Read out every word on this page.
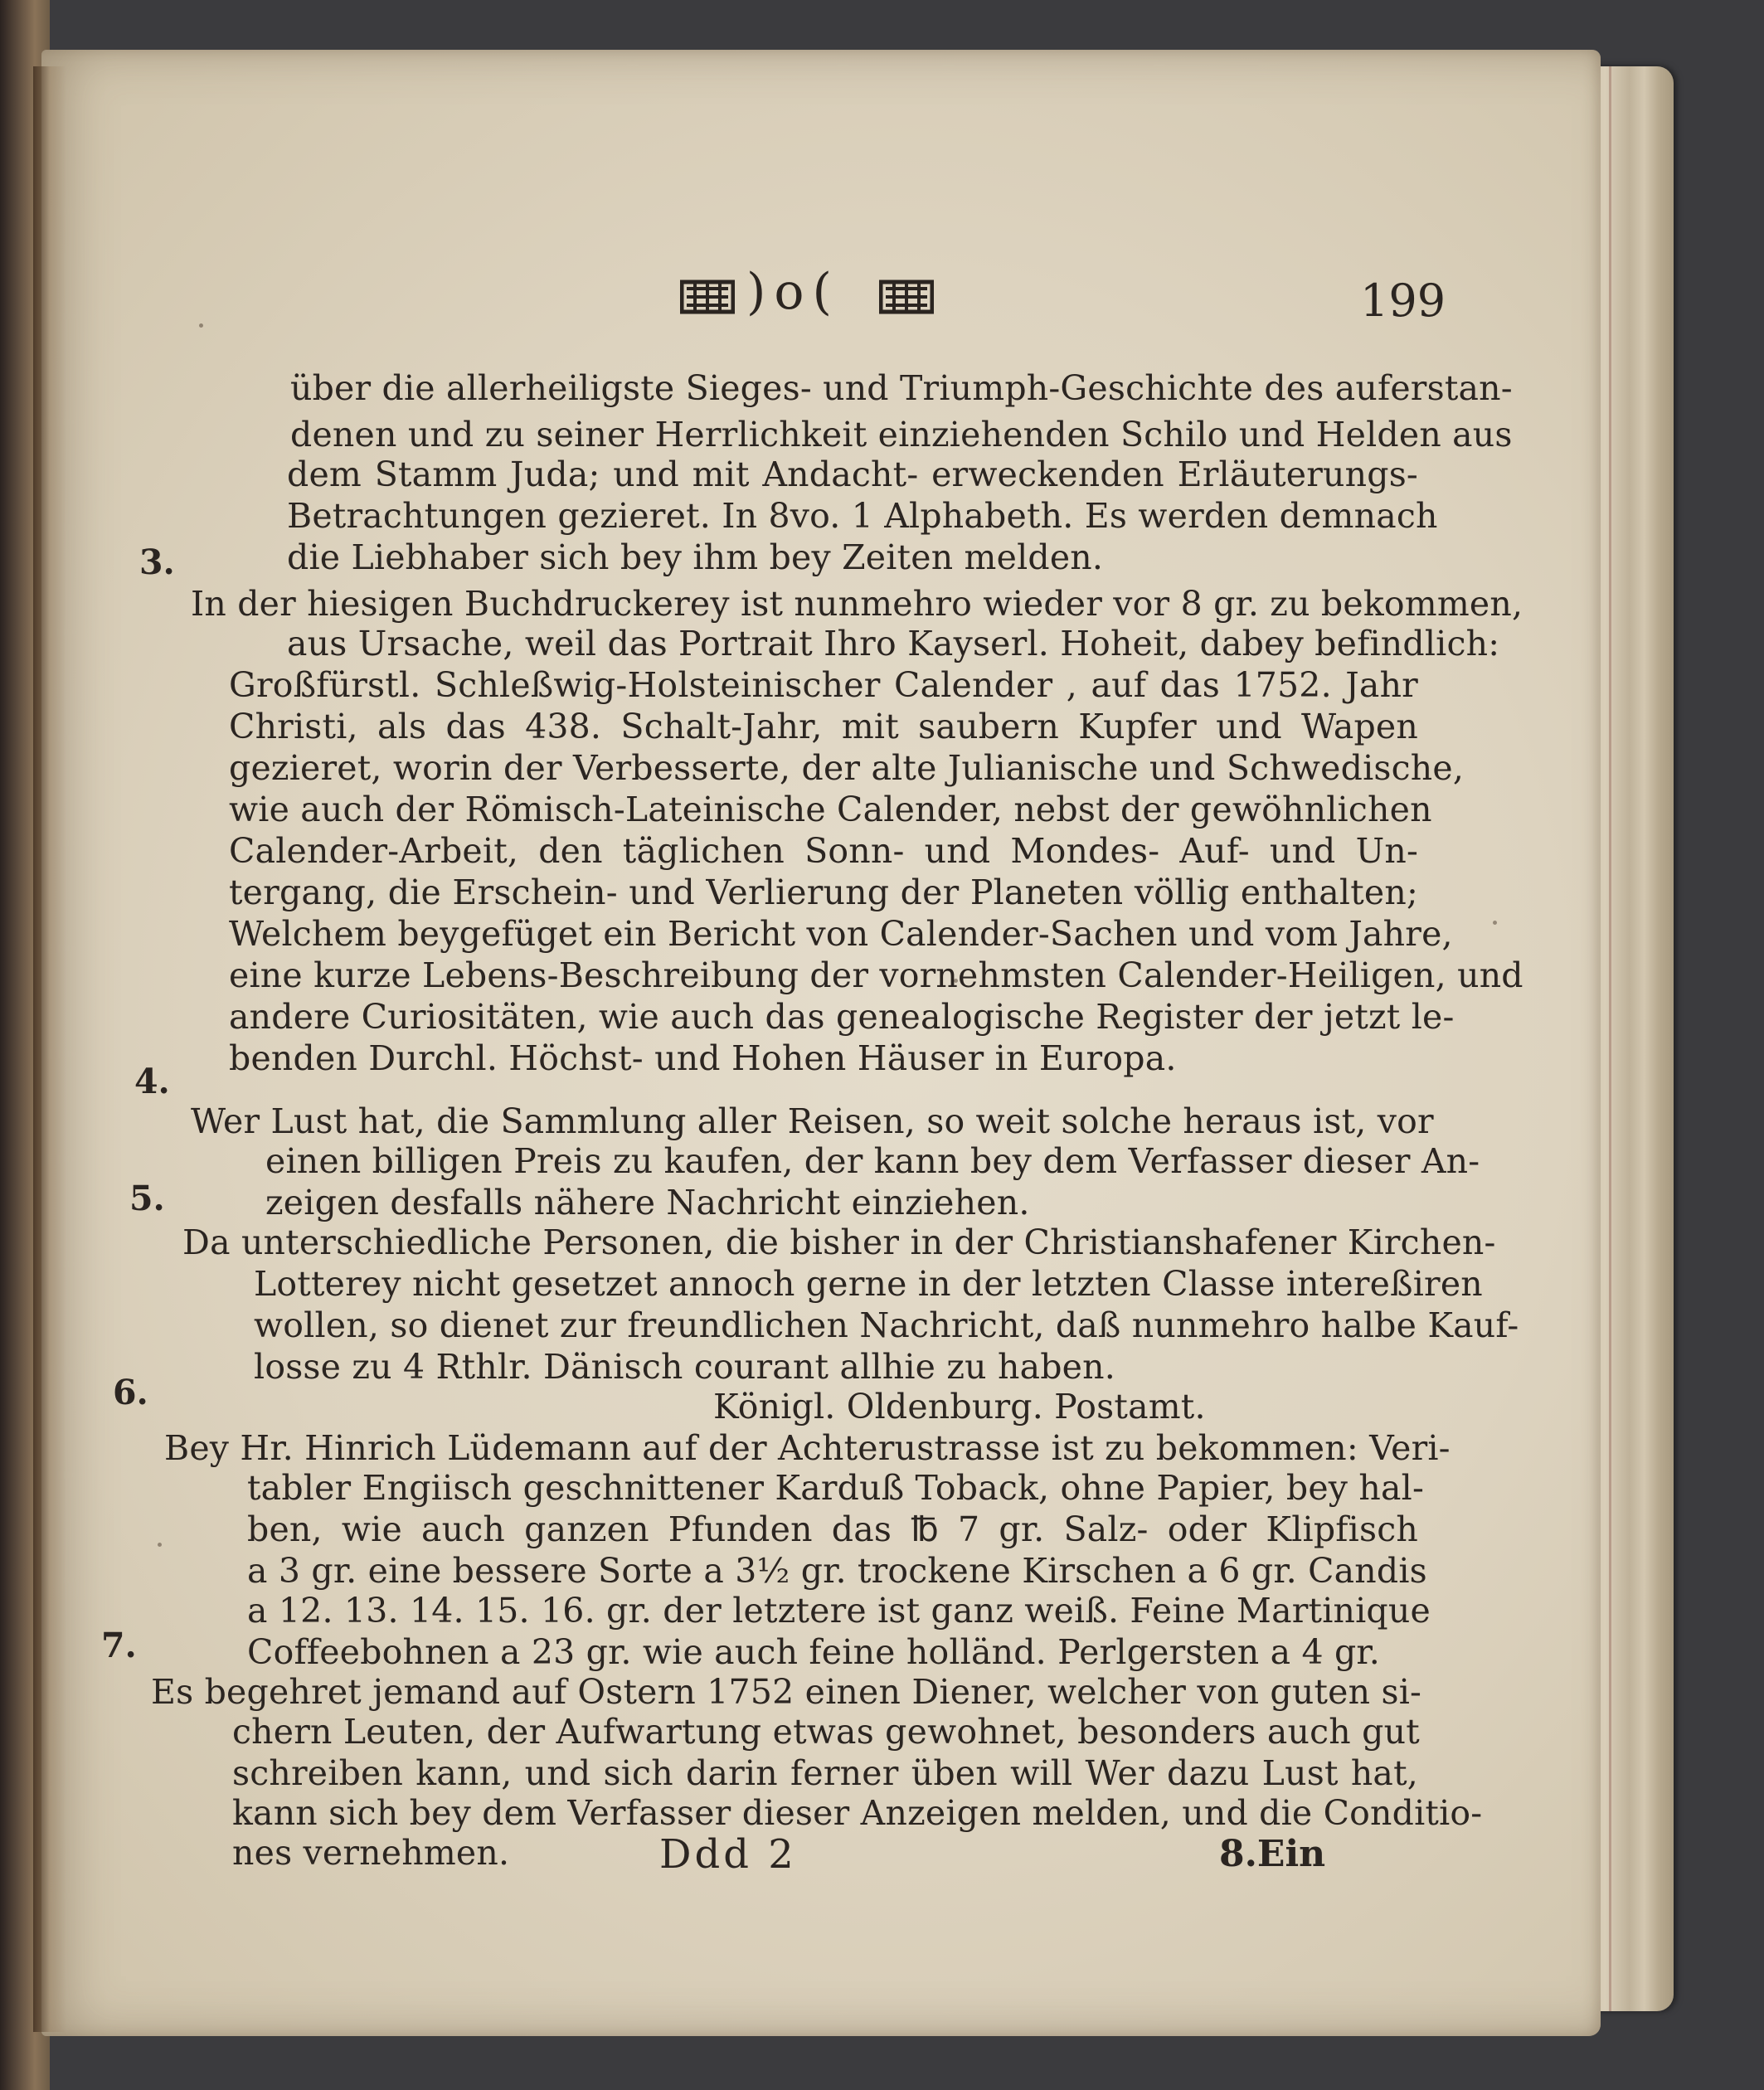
)o(	199
3.
4.
5.
6.
7.
über die allerheiligste Sieges- und Triumph-Geschichte des auferstan-
denen und zu seiner Herrlichkeit einziehenden Schilo und Helden aus
dem Stamm Juda; und mit Andacht- erweckenden Erläuterungs-
Betrachtungen gezieret. In 8vo. 1 Alphabeth. Es werden demnach
die Liebhaber sich bey ihm bey Zeiten melden.
In der hiesigen Buchdruckerey ist nunmehro wieder vor 8 gr. zu bekommen,
aus Ursache, weil das Portrait Ihro Kayserl. Hoheit, dabey befindlich:
Großfürstl. Schleßwig-Holsteinischer Calender , auf das 1752. Jahr
Christi, als das 438. Schalt-Jahr, mit saubern Kupfer und Wapen
gezieret, worin der Verbesserte, der alte Julianische und Schwedische,
wie auch der Römisch-Lateinische Calender, nebst der gewöhnlichen
Calender-Arbeit, den täglichen Sonn- und Mondes- Auf- und Un-
tergang, die Erschein- und Verlierung der Planeten völlig enthalten;
Welchem beygefüget ein Bericht von Calender-Sachen und vom Jahre,
eine kurze Lebens-Beschreibung der vornehmsten Calender-Heiligen, und
andere Curiositäten, wie auch das genealogische Register der jetzt le-
benden Durchl. Höchst- und Hohen Häuser in Europa.
Wer Lust hat, die Sammlung aller Reisen, so weit solche heraus ist, vor
einen billigen Preis zu kaufen, der kann bey dem Verfasser dieser An-
zeigen desfalls nähere Nachricht einziehen.
Da unterschiedliche Personen, die bisher in der Christianshafener Kirchen-
Lotterey nicht gesetzet annoch gerne in der letzten Classe intereßiren
wollen, so dienet zur freundlichen Nachricht, daß nunmehro halbe Kauf-
losse zu 4 Rthlr. Dänisch courant allhie zu haben.
Königl. Oldenburg. Postamt.
Bey Hr. Hinrich Lüdemann auf der Achterustrasse ist zu bekommen: Veri-
tabler Engiisch geschnittener Karduß Toback, ohne Papier, bey hal-
ben, wie auch ganzen Pfunden das ℔ 7 gr. Salz- oder Klipfisch
a 3 gr. eine bessere Sorte a 3½ gr. trockene Kirschen a 6 gr. Candis
a 12. 13. 14. 15. 16. gr. der letztere ist ganz weiß. Feine Martinique
Coffeebohnen a 23 gr. wie auch feine holländ. Perlgersten a 4 gr.
Es begehret jemand auf Ostern 1752 einen Diener, welcher von guten si-
chern Leuten, der Aufwartung etwas gewohnet, besonders auch gut
schreiben kann, und sich darin ferner üben will Wer dazu Lust hat,
kann sich bey dem Verfasser dieser Anzeigen melden, und die Conditio-
nes vernehmen.	Ddd 2	8.Ein
